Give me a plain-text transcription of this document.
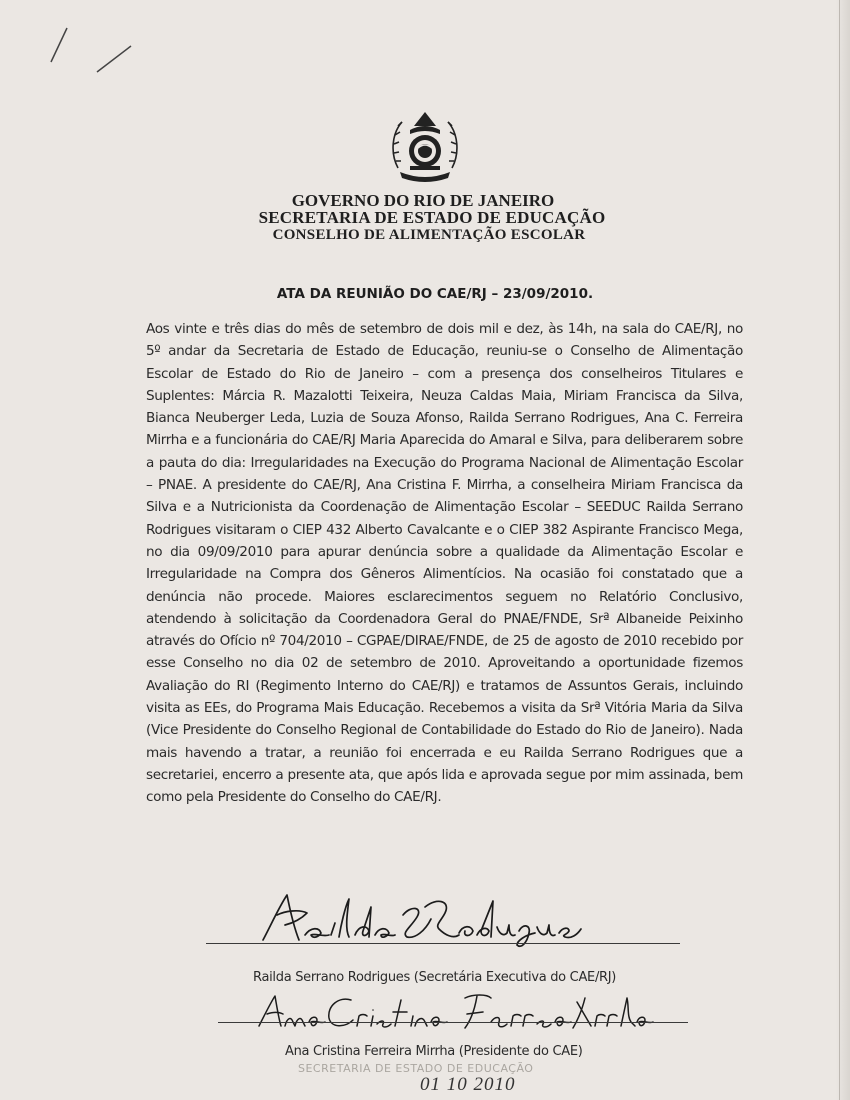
GOVERNO DO RIO DE JANEIRO
SECRETARIA DE ESTADO DE EDUCAÇÃO
CONSELHO DE ALIMENTAÇÃO ESCOLAR
ATA DA REUNIÃO DO CAE/RJ – 23/09/2010.
Aos vinte e três dias do mês de setembro de dois mil e dez, às 14h, na sala do CAE/RJ, no 5º andar da Secretaria de Estado de Educação, reuniu-se o Conselho de Alimentação Escolar de Estado do Rio de Janeiro – com a presença dos conselheiros Titulares e Suplentes: Márcia R. Mazalotti Teixeira, Neuza Caldas Maia, Miriam Francisca da Silva, Bianca Neuberger Leda, Luzia de Souza Afonso, Railda Serrano Rodrigues, Ana C. Ferreira Mirrha e a funcionária do CAE/RJ Maria Aparecida do Amaral e Silva, para deliberarem sobre a pauta do dia: Irregularidades na Execução do Programa Nacional de Alimentação Escolar – PNAE. A presidente do CAE/RJ, Ana Cristina F. Mirrha, a conselheira Miriam Francisca da Silva e a Nutricionista da Coordenação de Alimentação Escolar – SEEDUC Railda Serrano Rodrigues visitaram o CIEP 432 Alberto Cavalcante e o CIEP 382 Aspirante Francisco Mega, no dia 09/09/2010 para apurar denúncia sobre a qualidade da Alimentação Escolar e Irregularidade na Compra dos Gêneros Alimentícios. Na ocasião foi constatado que a denúncia não procede. Maiores esclarecimentos seguem no Relatório Conclusivo, atendendo à solicitação da Coordenadora Geral do PNAE/FNDE, Srª Albaneide Peixinho através do Ofício nº 704/2010 – CGPAE/DIRAE/FNDE, de 25 de agosto de 2010 recebido por esse Conselho no dia 02 de setembro de 2010. Aproveitando a oportunidade fizemos Avaliação do RI (Regimento Interno do CAE/RJ) e tratamos de Assuntos Gerais, incluindo visita as EEs, do Programa Mais Educação. Recebemos a visita da Srª Vitória Maria da Silva (Vice Presidente do Conselho Regional de Contabilidade do Estado do Rio de Janeiro). Nada mais havendo a tratar, a reunião foi encerrada e eu Railda Serrano Rodrigues que a secretariei, encerro a presente ata, que após lida e aprovada segue por mim assinada, bem como pela Presidente do Conselho do CAE/RJ.
Railda Serrano Rodrigues (Secretária Executiva do CAE/RJ)
Ana Cristina Ferreira Mirrha (Presidente do CAE)
SECRETARIA DE ESTADO DE EDUCAÇÃO
01 10 2010
